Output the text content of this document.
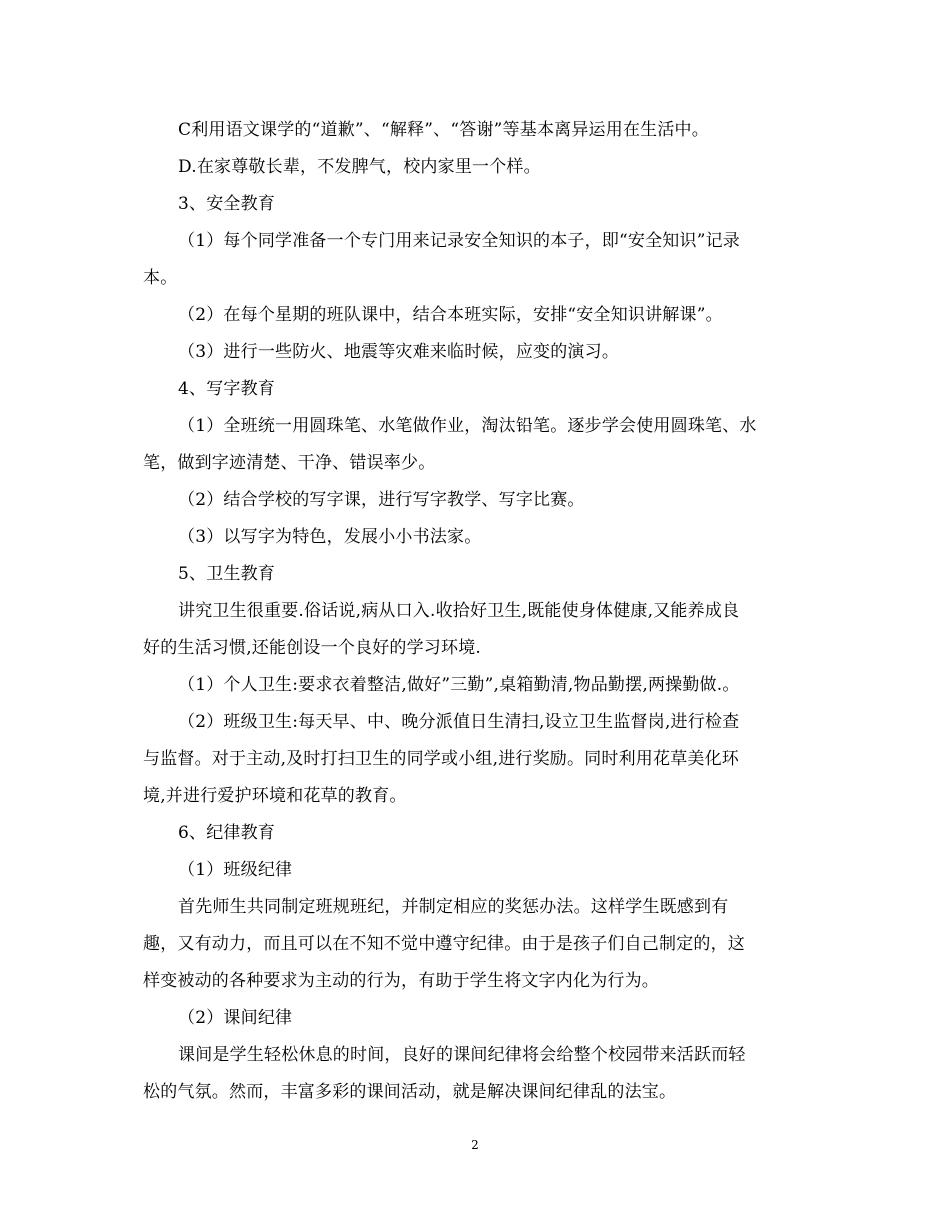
C利用语文课学的“道歉”、“解释”、“答谢”等基本离异运用在生活中。
D.在家尊敬长辈，不发脾气，校内家里一个样。
3、安全教育
（1）每个同学准备一个专门用来记录安全知识的本子，即“安全知识”记录
本。
（2）在每个星期的班队课中，结合本班实际，安排“安全知识讲解课”。
（3）进行一些防火、地震等灾难来临时候，应变的演习。
4、写字教育
（1）全班统一用圆珠笔、水笔做作业，淘汰铅笔。逐步学会使用圆珠笔、水
笔，做到字迹清楚、干净、错误率少。
（2）结合学校的写字课，进行写字教学、写字比赛。
（3）以写字为特色，发展小小书法家。
5、卫生教育
讲究卫生很重要.俗话说,病从口入.收拾好卫生,既能使身体健康,又能养成良
好的生活习惯,还能创设一个良好的学习环境.
（1）个人卫生:要求衣着整洁,做好”三勤”,桌箱勤清,物品勤摆,两操勤做.。
（2）班级卫生:每天早、中、晚分派值日生清扫,设立卫生监督岗,进行检查
与监督。对于主动,及时打扫卫生的同学或小组,进行奖励。同时利用花草美化环
境,并进行爱护环境和花草的教育。
6、纪律教育
（1）班级纪律
首先师生共同制定班规班纪，并制定相应的奖惩办法。这样学生既感到有
趣，又有动力，而且可以在不知不觉中遵守纪律。由于是孩子们自己制定的，这
样变被动的各种要求为主动的行为，有助于学生将文字内化为行为。
（2）课间纪律
课间是学生轻松休息的时间，良好的课间纪律将会给整个校园带来活跃而轻
松的气氛。然而，丰富多彩的课间活动，就是解决课间纪律乱的法宝。
2
